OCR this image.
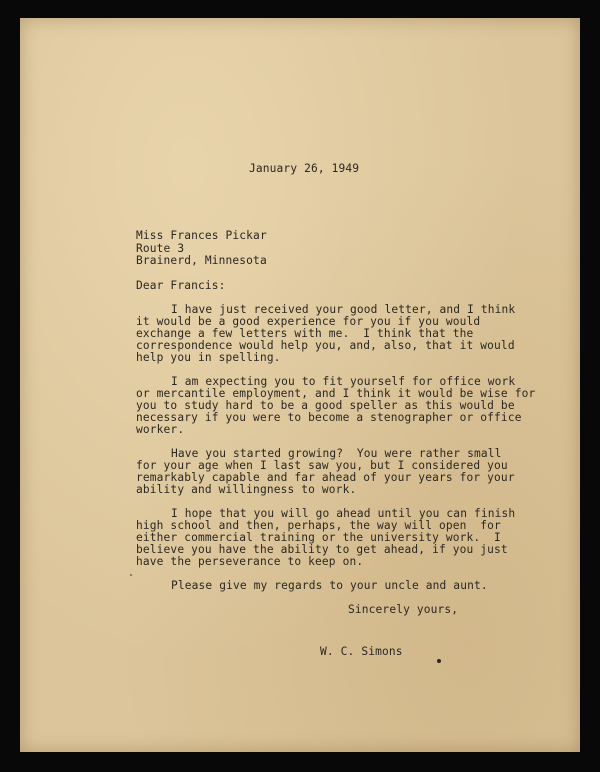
January 26, 1949

Miss Frances Pickar

Route 3

Brainerd, Minnesota

Dear Francis:

I have just received your good letter, and I think

it would be a good experience for you if you would

exchange a few letters with me.  I think that the

correspondence would help you, and, also, that it would

help you in spelling.

I am expecting you to fit yourself for office work

or mercantile employment, and I think it would be wise for

you to study hard to be a good speller as this would be

necessary if you were to become a stenographer or office

worker.

Have you started growing?  You were rather small

for your age when I last saw you, but I considered you

remarkably capable and far ahead of your years for your

ability and willingness to work.

I hope that you will go ahead until you can finish

high school and then, perhaps, the way will open  for

either commercial training or the university work.  I

believe you have the ability to get ahead, if you just

have the perseverance to keep on.

Please give my regards to your uncle and aunt.

Sincerely yours,

W. C. Simons
